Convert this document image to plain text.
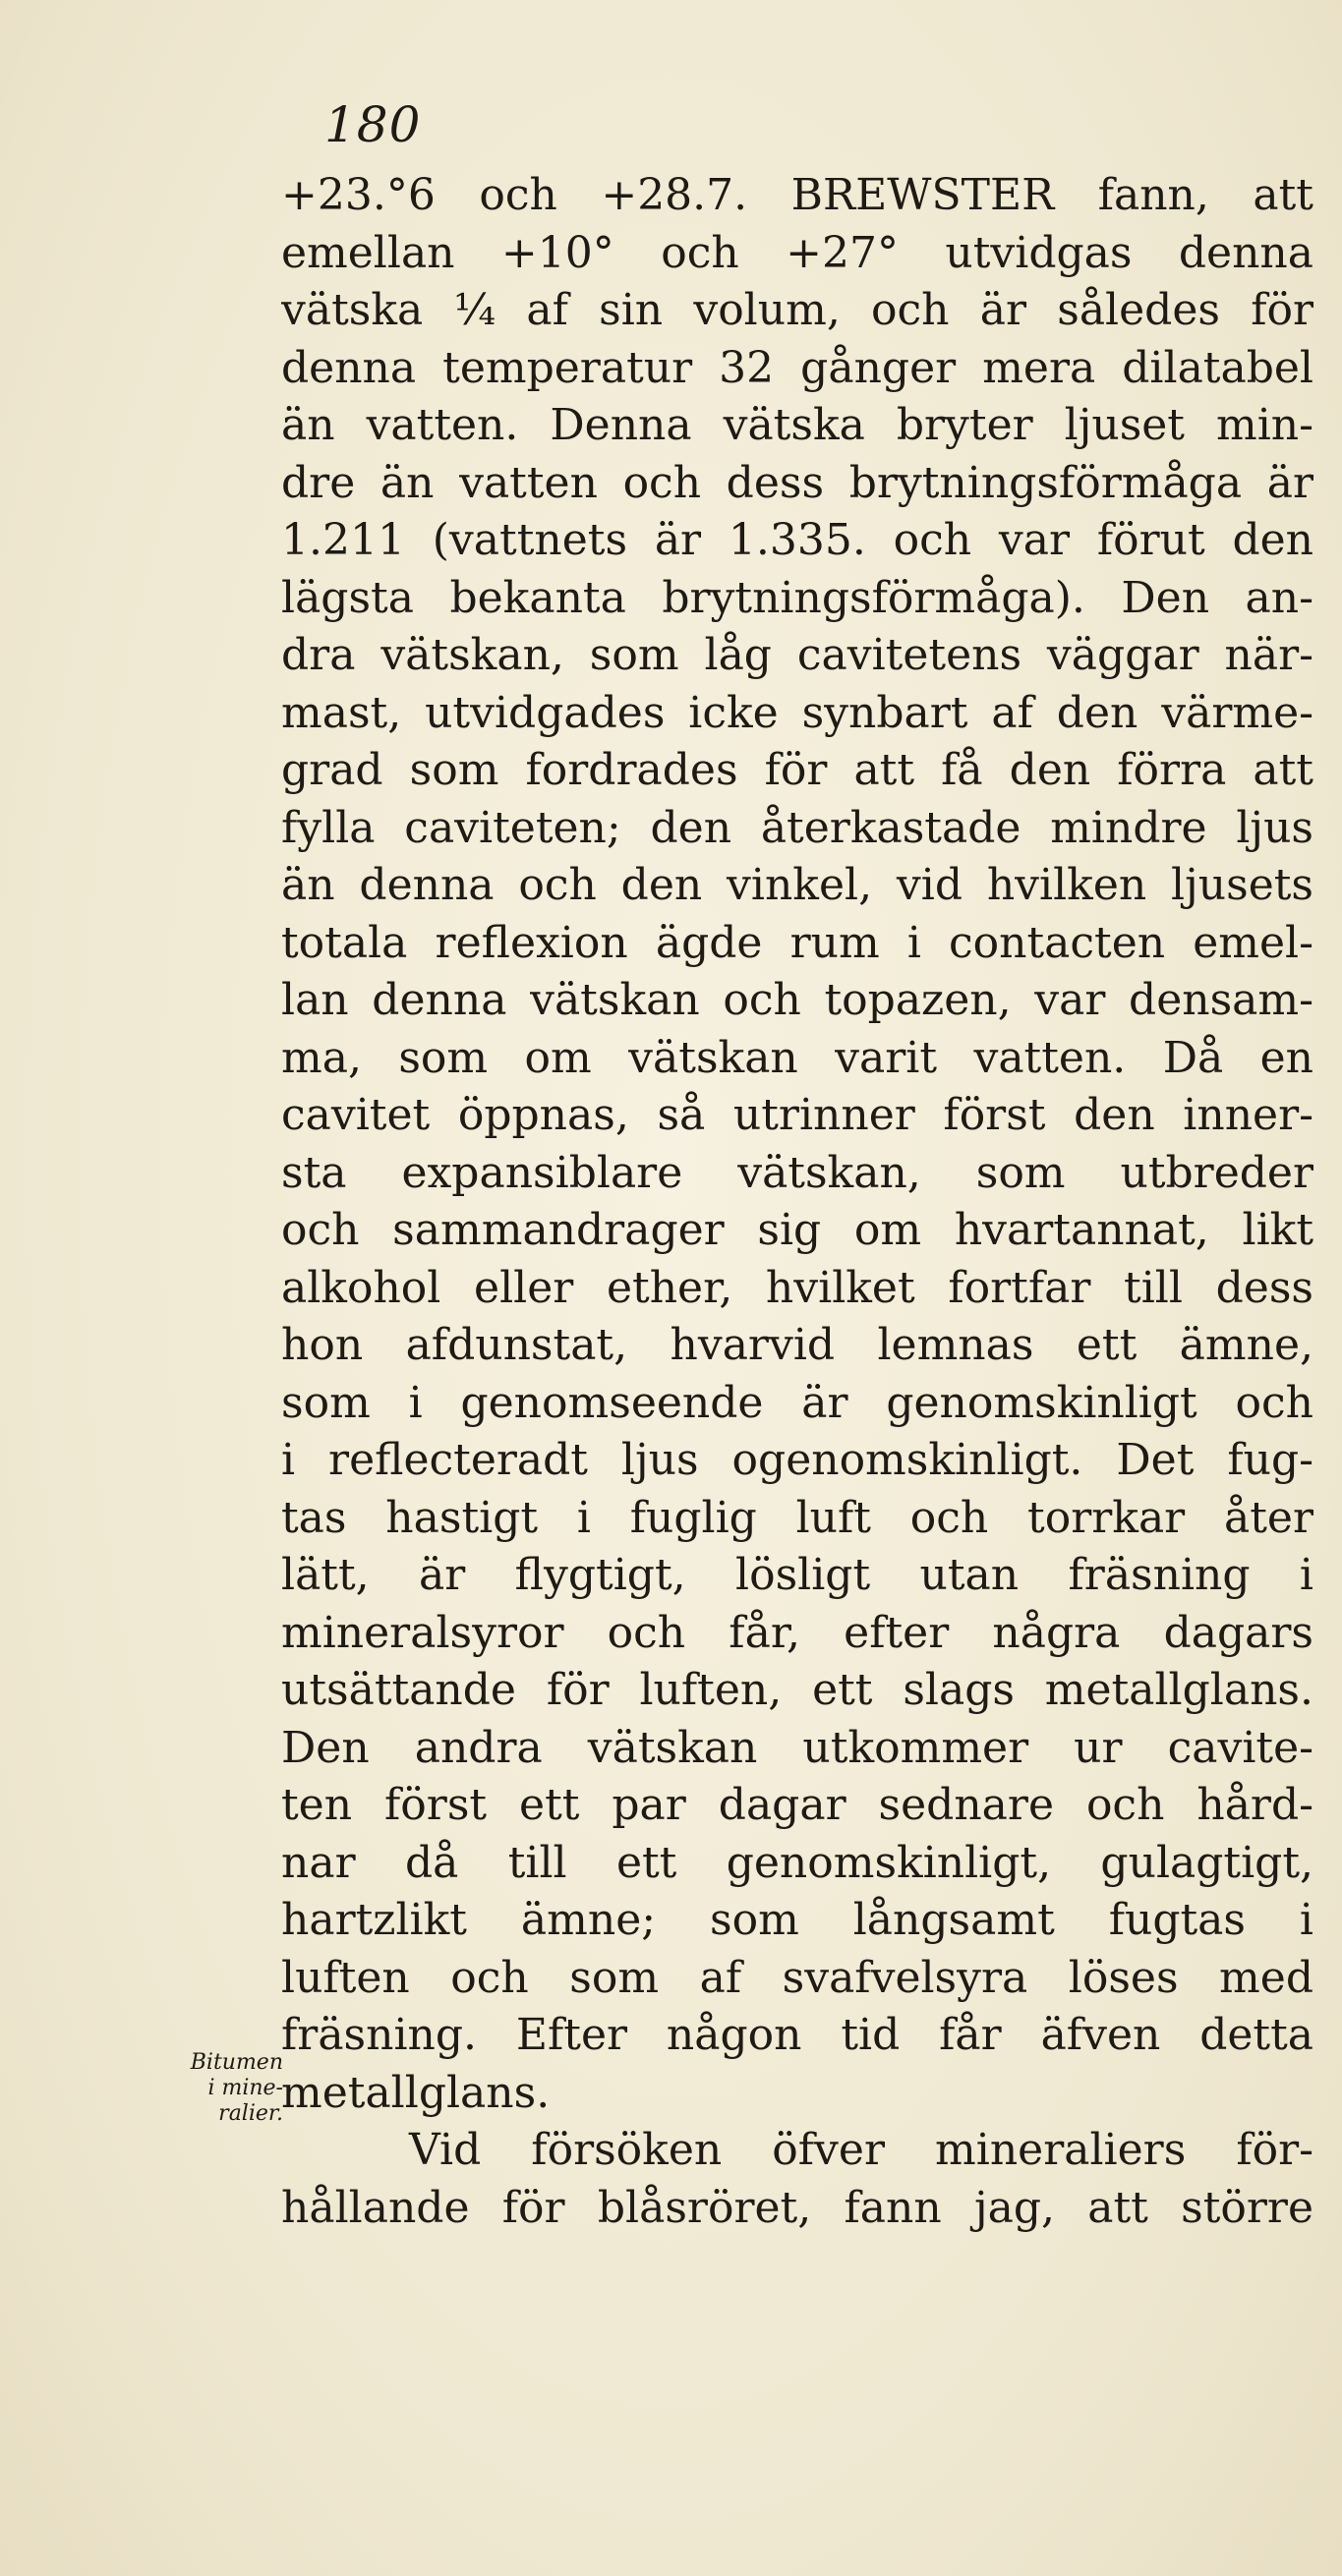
180
Bitumen
i mine-
ralier.
+23.°6 och +28.7. BREWSTER fann, att
emellan +10° och +27° utvidgas denna
vätska ¼ af sin volum, och är således för
denna temperatur 32 gånger mera dilatabel
än vatten. Denna vätska bryter ljuset min-
dre än vatten och dess brytningsförmåga är
1.211 (vattnets är 1.335. och var förut den
lägsta bekanta brytningsförmåga). Den an-
dra vätskan, som låg cavitetens väggar när-
mast, utvidgades icke synbart af den värme-
grad som fordrades för att få den förra att
fylla caviteten; den återkastade mindre ljus
än denna och den vinkel, vid hvilken ljusets
totala reflexion ägde rum i contacten emel-
lan denna vätskan och topazen, var densam-
ma, som om vätskan varit vatten. Då en
cavitet öppnas, så utrinner först den inner-
sta expansiblare vätskan, som utbreder
och sammandrager sig om hvartannat, likt
alkohol eller ether, hvilket fortfar till dess
hon afdunstat, hvarvid lemnas ett ämne,
som i genomseende är genomskinligt och
i reflecteradt ljus ogenomskinligt. Det fug-
tas hastigt i fuglig luft och torrkar åter
lätt, är flygtigt, lösligt utan fräsning i
mineralsyror och får, efter några dagars
utsättande för luften, ett slags metallglans.
Den andra vätskan utkommer ur cavite-
ten först ett par dagar sednare och hård-
nar då till ett genomskinligt, gulagtigt,
hartzlikt ämne; som långsamt fugtas i
luften och som af svafvelsyra löses med
fräsning. Efter någon tid får äfven detta
metallglans.
Vid försöken öfver mineraliers för-
hållande för blåsröret, fann jag, att större
